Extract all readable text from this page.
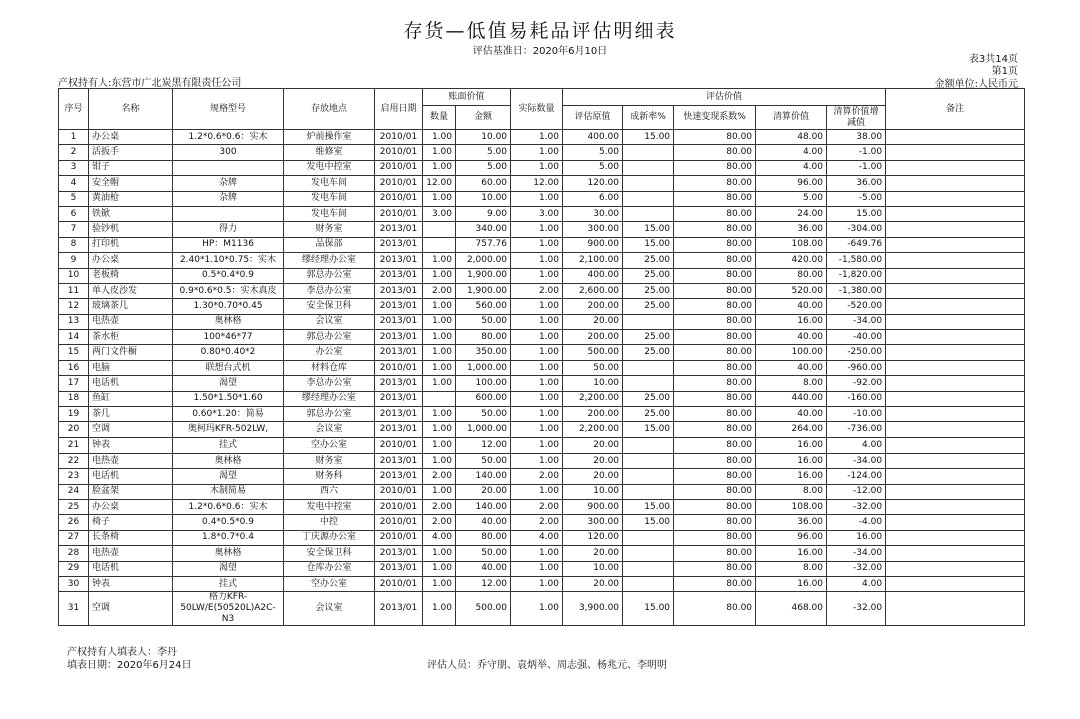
存货—低值易耗品评估明细表
评估基准日：2020年6月10日
表3共14页
第1页
金额单位:人民币元
产权持有人:东营市广北炭黑有限责任公司
序号	名称	规格型号	存放地点	启用日期	账面价值		实际数量	评估价值					备注
					数量	金额		评估原值	成新率%	快速变现系数%	清算价值	清算价值增减值	
1	办公桌	1.2*0.6*0.6：实木	炉前操作室	2010/01	1.00	10.00	1.00	400.00	15.00	80.00	48.00	38.00	
2	活扳手	300	维修室	2010/01	1.00	5.00	1.00	5.00		80.00	4.00	-1.00	
3	钳子		发电中控室	2010/01	1.00	5.00	1.00	5.00		80.00	4.00	-1.00	
4	安全帽	杂牌	发电车间	2010/01	12.00	60.00	12.00	120.00		80.00	96.00	36.00	
5	黄油枪	杂牌	发电车间	2010/01	1.00	10.00	1.00	6.00		80.00	5.00	-5.00	
6	铁锨		发电车间	2010/01	3.00	9.00	3.00	30.00		80.00	24.00	15.00	
7	验钞机	得力	财务室	2013/01		340.00	1.00	300.00	15.00	80.00	36.00	-304.00	
8	打印机	HP：M1136	品保部	2013/01		757.76	1.00	900.00	15.00	80.00	108.00	-649.76	
9	办公桌	2.40*1.10*0.75：实木	缪经理办公室	2013/01	1.00	2,000.00	1.00	2,100.00	25.00	80.00	420.00	-1,580.00	
10	老板椅	0.5*0.4*0.9	郭总办公室	2013/01	1.00	1,900.00	1.00	400.00	25.00	80.00	80.00	-1,820.00	
11	单人皮沙发	0.9*0.6*0.5：实木真皮	李总办公室	2013/01	2.00	1,900.00	2.00	2,600.00	25.00	80.00	520.00	-1,380.00	
12	玻璃茶几	1.30*0.70*0.45	安全保卫科	2013/01	1.00	560.00	1.00	200.00	25.00	80.00	40.00	-520.00	
13	电热壶	奥林格	会议室	2013/01	1.00	50.00	1.00	20.00		80.00	16.00	-34.00	
14	茶水柜	100*46*77	郭总办公室	2013/01	1.00	80.00	1.00	200.00	25.00	80.00	40.00	-40.00	
15	两门文件橱	0.80*0.40*2	办公室	2013/01	1.00	350.00	1.00	500.00	25.00	80.00	100.00	-250.00	
16	电脑	联想台式机	材料仓库	2010/01	1.00	1,000.00	1.00	50.00		80.00	40.00	-960.00	
17	电话机	渴望	李总办公室	2013/01	1.00	100.00	1.00	10.00		80.00	8.00	-92.00	
18	鱼缸	1.50*1.50*1.60	缪经理办公室	2013/01		600.00	1.00	2,200.00	25.00	80.00	440.00	-160.00	
19	茶几	0.60*1.20：简易	郭总办公室	2013/01	1.00	50.00	1.00	200.00	25.00	80.00	40.00	-10.00	
20	空调	奥柯玛KFR-502LW,	会议室	2013/01	1.00	1,000.00	1.00	2,200.00	15.00	80.00	264.00	-736.00	
21	钟表	挂式	空办公室	2010/01	1.00	12.00	1.00	20.00		80.00	16.00	4.00	
22	电热壶	奥林格	财务室	2013/01	1.00	50.00	1.00	20.00		80.00	16.00	-34.00	
23	电话机	渴望	财务科	2013/01	2.00	140.00	2.00	20.00		80.00	16.00	-124.00	
24	脸盆架	木制简易	西六	2010/01	1.00	20.00	1.00	10.00		80.00	8.00	-12.00	
25	办公桌	1.2*0.6*0.6：实木	发电中控室	2010/01	2.00	140.00	2.00	900.00	15.00	80.00	108.00	-32.00	
26	椅子	0.4*0.5*0.9	中控	2010/01	2.00	40.00	2.00	300.00	15.00	80.00	36.00	-4.00	
27	长条椅	1.8*0.7*0.4	丁庆源办公室	2010/01	4.00	80.00	4.00	120.00		80.00	96.00	16.00	
28	电热壶	奥林格	安全保卫科	2013/01	1.00	50.00	1.00	20.00		80.00	16.00	-34.00	
29	电话机	渴望	仓库办公室	2013/01	1.00	40.00	1.00	10.00		80.00	8.00	-32.00	
30	钟表	挂式	空办公室	2010/01	1.00	12.00	1.00	20.00		80.00	16.00	4.00	
31	空调	格力KFR-50LW/E(50520L)A2C-N3	会议室	2013/01	1.00	500.00	1.00	3,900.00	15.00	80.00	468.00	-32.00	
产权持有人填表人：李丹
填表日期：2020年6月24日	评估人员：乔守朋、袁炳举、周志强、杨兆元、李明明
